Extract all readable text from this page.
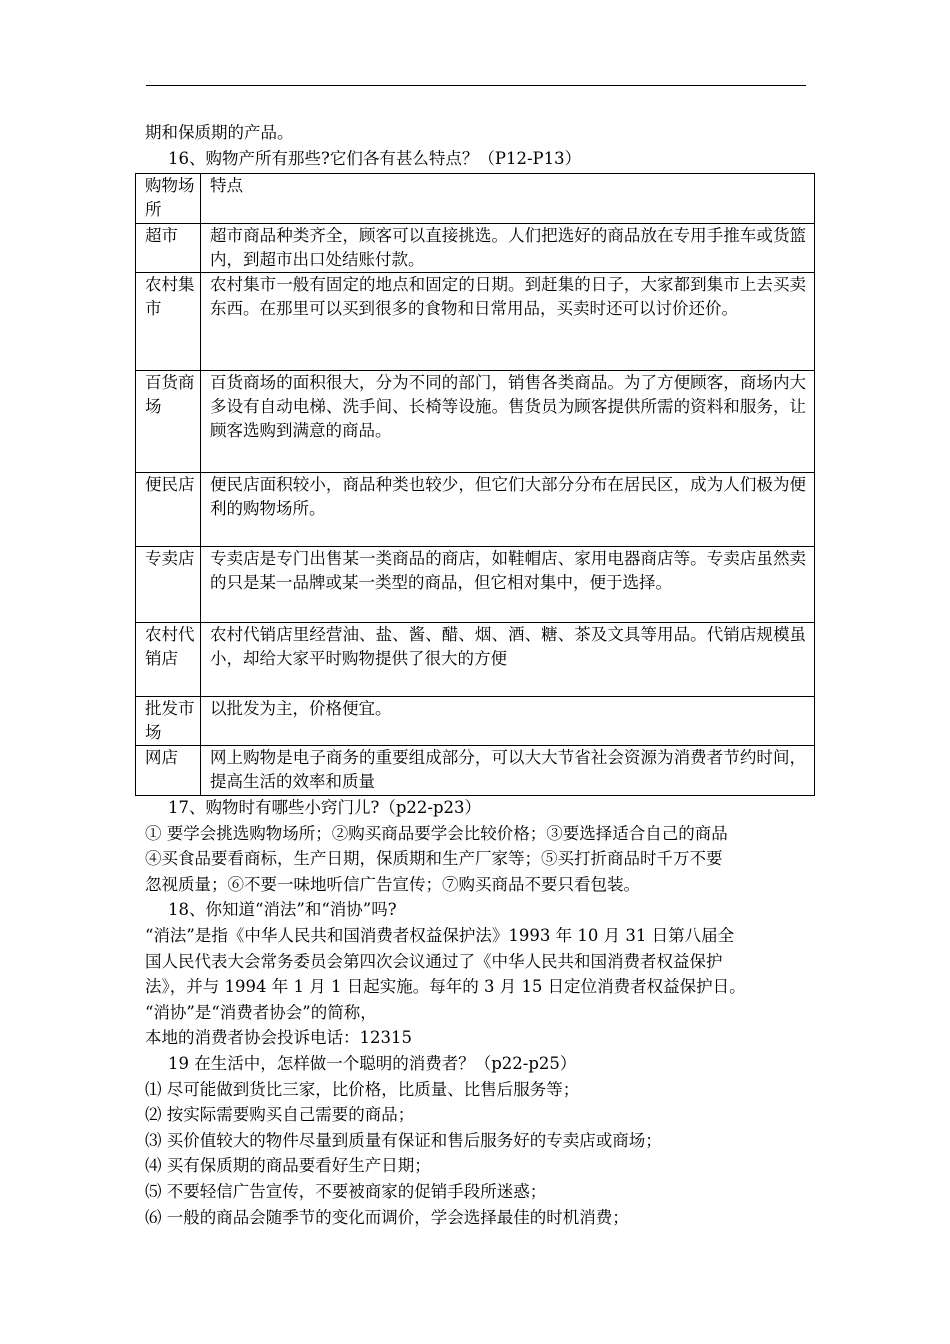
期和保质期的产品。
16、购物产所有那些?它们各有甚么特点？（P12-P13）
购物场所	特点
超市	超市商品种类齐全，顾客可以直接挑选。人们把选好的商品放在专用手推车或货篮内，到超市出口处结账付款。
农村集市	农村集市一般有固定的地点和固定的日期。到赶集的日子，大家都到集市上去买卖东西。在那里可以买到很多的食物和日常用品，买卖时还可以讨价还价。
百货商场	百货商场的面积很大，分为不同的部门，销售各类商品。为了方便顾客，商场内大多设有自动电梯、洗手间、长椅等设施。售货员为顾客提供所需的资料和服务，让顾客选购到满意的商品。
便民店	便民店面积较小，商品种类也较少，但它们大部分分布在居民区，成为人们极为便利的购物场所。
专卖店	专卖店是专门出售某一类商品的商店，如鞋帽店、家用电器商店等。专卖店虽然卖的只是某一品牌或某一类型的商品，但它相对集中，便于选择。
农村代销店	农村代销店里经营油、盐、酱、醋、烟、酒、糖、茶及文具等用品。代销店规模虽小，却给大家平时购物提供了很大的方便
批发市场	以批发为主，价格便宜。
网店	网上购物是电子商务的重要组成部分，可以大大节省社会资源为消费者节约时间，提高生活的效率和质量
17、购物时有哪些小窍门儿?（p22-p23）
① 要学会挑选购物场所；②购买商品要学会比较价格；③要选择适合自己的商品
④买食品要看商标，生产日期，保质期和生产厂家等；⑤买打折商品时千万不要
忽视质量；⑥不要一味地听信广告宣传；⑦购买商品不要只看包装。
18、你知道“消法”和“消协”吗?
“消法”是指《中华人民共和国消费者权益保护法》1993 年 10 月 31 日第八届全
国人民代表大会常务委员会第四次会议通过了《中华人民共和国消费者权益保护
法》，并与 1994 年 1 月 1 日起实施。每年的 3 月 15 日定位消费者权益保护日。
“消协”是“消费者协会”的简称，
本地的消费者协会投诉电话：12315
19 在生活中，怎样做一个聪明的消费者？（p22-p25）
⑴ 尽可能做到货比三家，比价格，比质量、比售后服务等；
⑵ 按实际需要购买自己需要的商品；
⑶ 买价值较大的物件尽量到质量有保证和售后服务好的专卖店或商场；
⑷ 买有保质期的商品要看好生产日期；
⑸ 不要轻信广告宣传，不要被商家的促销手段所迷惑；
⑹ 一般的商品会随季节的变化而调价，学会选择最佳的时机消费；
